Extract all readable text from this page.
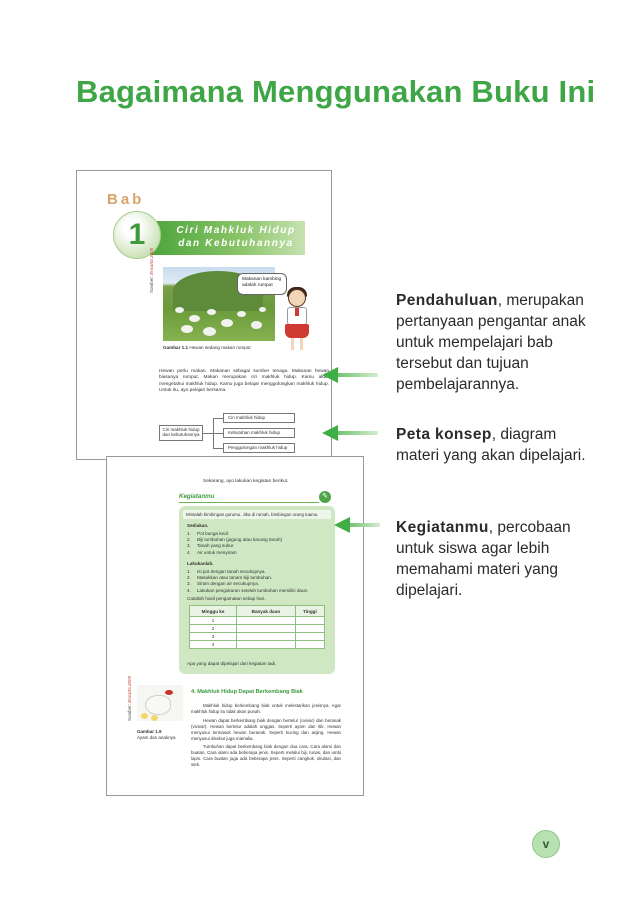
Bagaimana Menggunakan Buku Ini
Bab
1	Ciri Mahkluk Hidup dan Kebutuhannya
Sumber: Encarta 2005
Gambar 1.1 Hewan sedang makan rumput
Makanan kambing adalah rumput
Hewan perlu makan. Makanan sebagai sumber tenaga. Makanan hewan biasanya rumput. Makan merupakan ciri makhluk hidup. Kamu akan mengetahui makhluk hidup. Kamu juga belajar menggolongkan makhluk hidup. Untuk itu, ayo pelajari bersama.
Ciri makhluk hidup dan kebutuhannya
Ciri makhluk hidup
Kebutuhan makhluk hidup
Penggolongan makhluk hidup
Sekarang, ayo lakukan kegiatan berikut.
Kegiatanmu	✎
Mintalah bimbingan gurumu. Jika di rumah, bimbingan orang tuamu.
Sediakan.
1. Pot bunga kecil
2. Biji tumbuhan (jagung atau kacang tanah)
3. Tanah yang subur
4. Air untuk menyiram
Lakukanlah.
1. Isi pot dengan tanah secukupnya.
2. Masukkan atau tanam biji tumbuhan.
3. Siram dengan air secukupnya.
4. Lakukan pengukuran setelah tumbuhan memiliki daun.
Catatlah hasil pengamatan setiap hari.
Minggu ke	Banyak daun	Tinggi
1		
2		
3		
4		
Apa yang dapat dipelajari dari kegiatan tadi.
Sumber: Encarta 2005
Gambar 1.9
Ayam dan anaknya
4. Makhluk Hidup Dapat Berkembang Biak

Makhluk hidup berkembang biak untuk melestarikan jenisnya. Agar makhluk hidup itu tidak akan punah.

Hewan dapat berkembang biak dengan bertelur (ovivar) dan beranak (vivivar). Hewan bertelur adalah unggas. Seperti ayam dan itik. Hewan menyusui termasuk hewan beranak. Seperti kucing dan anjing. Hewan menyusui disebut juga mamalia.

Tumbuhan dapat berkembang biak dengan dua cara. Cara alami dan buatan. Cara alami ada beberapa jenis. Seperti melalui biji, tunas, dan umbi lapis. Cara buatan juga ada beberapa jenis. Seperti cangkok, okulasi, dan stek.

Pendahuluan, merupakan pertanyaan pengantar anak untuk mempelajari bab tersebut dan tujuan pembelajarannya.
Peta konsep, diagram materi yang akan dipelajari.
Kegiatanmu, percobaan untuk siswa agar lebih memahami materi yang dipelajari.
v
